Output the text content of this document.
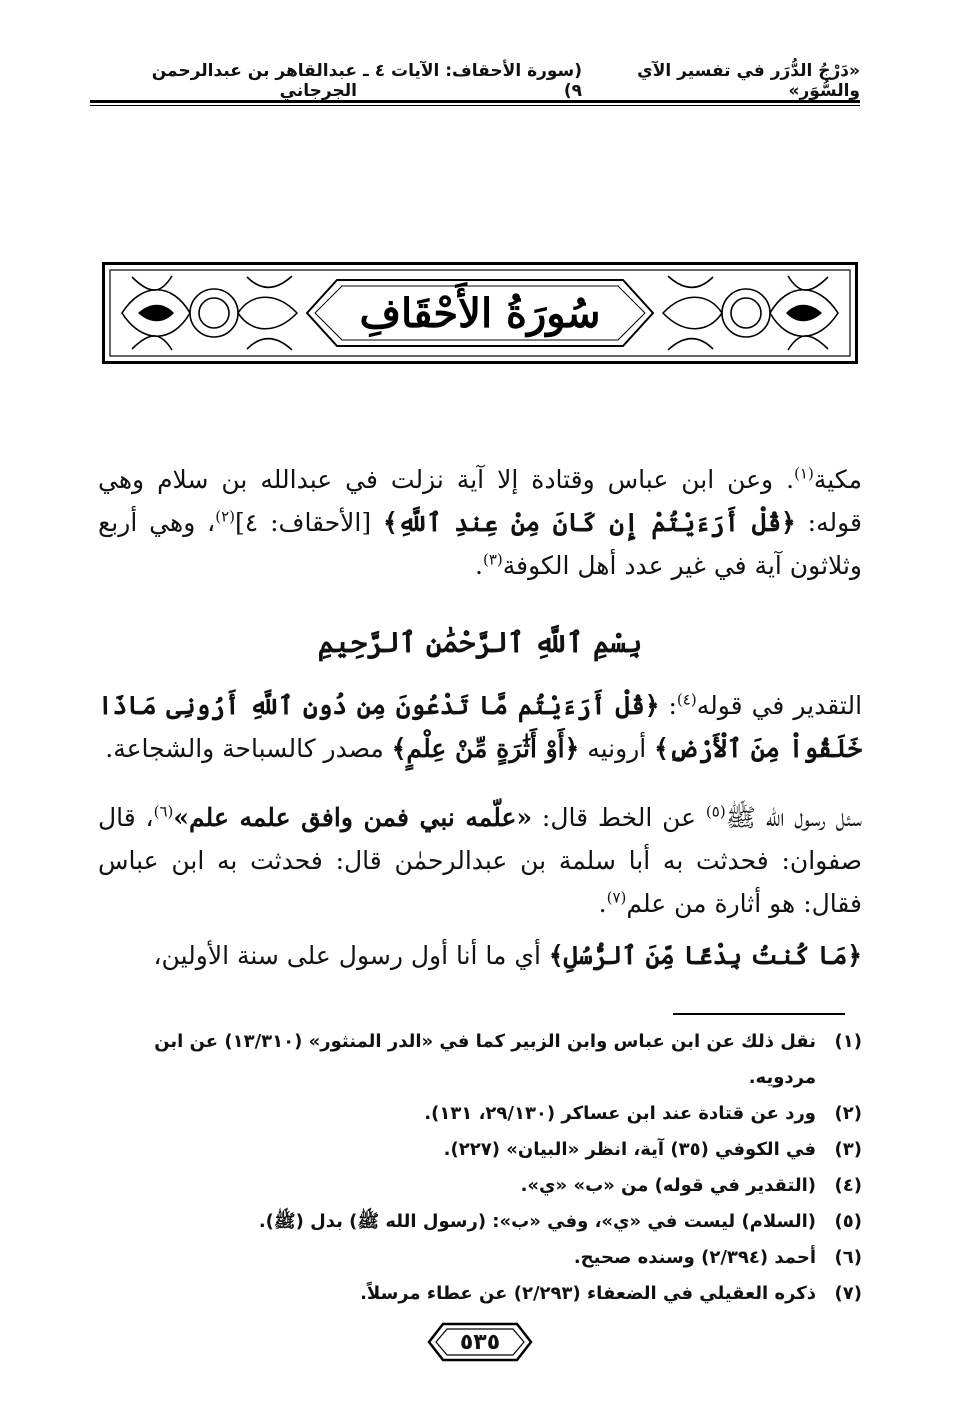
«دَرْجُ الدُّرَر في تفسير الآي والسُّوَر»
(سورة الأحقاف: الآيات ٤ ـ ٩)
عبدالقاهر بن عبدالرحمن الجرجاني
سُورَةُ الأَحْقَافِ
مكية$^{(١)}$. وعن ابن عباس وقتادة إلا آية نزلت في عبدالله بن سلام وهي قوله: ﴿قُلْ أَرَءَيْتُمْ إِن كَانَ مِنْ عِندِ ٱللَّهِ﴾ [الأحقاف: ٤]$^{(٢)}$، وهي أربع وثلاثون آية في غير عدد أهل الكوفة$^{(٣)}$.
بِسْمِ ٱللَّهِ ٱلرَّحْمَٰنِ ٱلرَّحِيمِ
التقدير في قوله$^{(٤)}$: ﴿قُلْ أَرَءَيْتُم مَّا تَدْعُونَ مِن دُونِ ٱللَّهِ أَرُونِى مَاذَا خَلَقُواْ مِنَ ٱلْأَرْضِ﴾ أرونيه ﴿أَوْ أَثَٰرَةٍ مِّنْ عِلْمٍ﴾ مصدر كالسباحة والشجاعة.
سئل رسول الله ﷺ$^{(٥)}$ عن الخط قال: «علّمه نبي فمن وافق علمه علم»$^{(٦)}$، قال صفوان: فحدثت به أبا سلمة بن عبدالرحمٰن قال: فحدثت به ابن عباس فقال: هو أثارة من علم$^{(٧)}$.
﴿مَا كُنتُ بِدْعًا مِّنَ ٱلرُّسُلِ﴾ أي ما أنا أول رسول على سنة الأولين،
(١)
نقل ذلك عن ابن عباس وابن الزبير كما في «الدر المنثور» (١٣/٣١٠) عن ابن مردويه.
(٢)
ورد عن قتادة عند ابن عساكر (٢٩/١٣٠، ١٣١).
(٣)
في الكوفي (٣٥) آية، انظر «البيان» (٢٢٧).
(٤)
(التقدير في قوله) من «ب» «ي».
(٥)
(السلام) ليست في «ي»، وفي «ب»: (رسول الله ﷺ) بدل (ﷺ).
(٦)
أحمد (٢/٣٩٤) وسنده صحيح.
(٧)
ذكره العقيلي في الضعفاء (٢/٢٩٣) عن عطاء مرسلاً.
٥٣٥
